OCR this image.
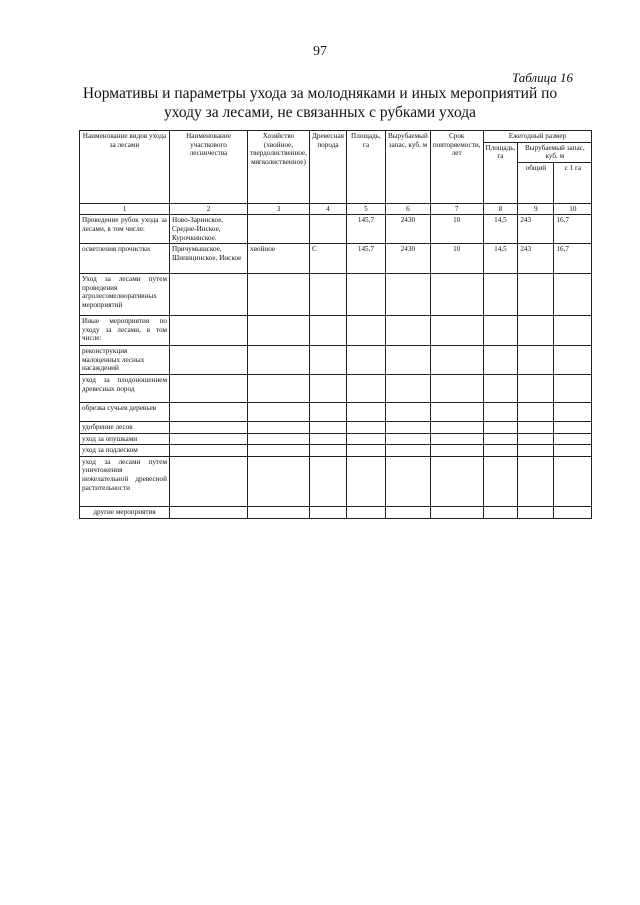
97
Таблица 16
Нормативы и параметры ухода за молодняками и иных мероприятий по уходу за лесами, не связанных с рубками ухода
Наименование видов ухода за лесами	Наименование участкового лесничества	Хозяйство (хвойное, твердолиственное, мягколиственное)	Древесная порода	Площадь, га	Вырубаемый запас, куб. м	Срок повторяемости, лет	Ежегодный размер		
							Площадь, га	Вырубаемый запас, куб. м	
								общий	с 1 га
1	2	3	4	5	6	7	8	9	10
Проведение рубок ухода за лесами, в том числе:	Ново-Заринское, Средне-Инское, Курочкинское.			145,7	2430	10	14,5	243	16,7
осветления прочистки	Причумышское, Шипицинское, Инское	хвойное	С	145,7	2430	10	14,5	243	16,7
Уход за лесами путем проведения агролесомелиоративных мероприятий									
Иные мероприятия по уходу за лесами, в том числе:									
реконструкция малоценных лесных насаждений									
уход за плодоношением древесных пород									
обрезка сучьев деревьев									
удобрение лесов									
уход за опушками									
уход за подлеском									
уход за лесами путем уничтожения нежелательной древесной растительности									
другие мероприятия									
